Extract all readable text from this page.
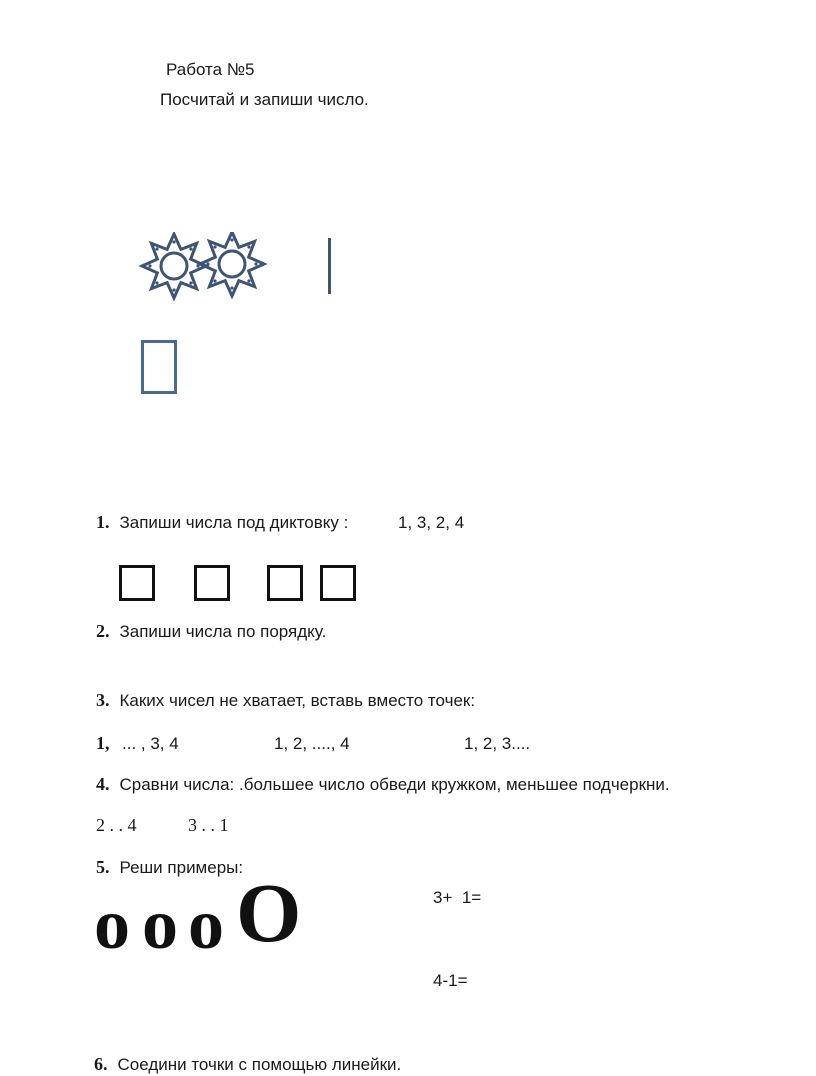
Работа №5
Посчитай и запиши число.
1. Запиши числа под диктовку :	1, 3, 2, 4
2. Запиши числа по порядку.
3. Каких чисел не хватает, вставь вместо точек:
1, ... , 3, 4	1, 2, ...., 4	1, 2, 3....
4. Сравни числа: .большее число обведи кружком, меньшее подчеркни.
2 . . 4	3 . . 1
5. Реши примеры:
o o o O	3+  1=
4-1=
6. Соедини точки с помощью линейки.
